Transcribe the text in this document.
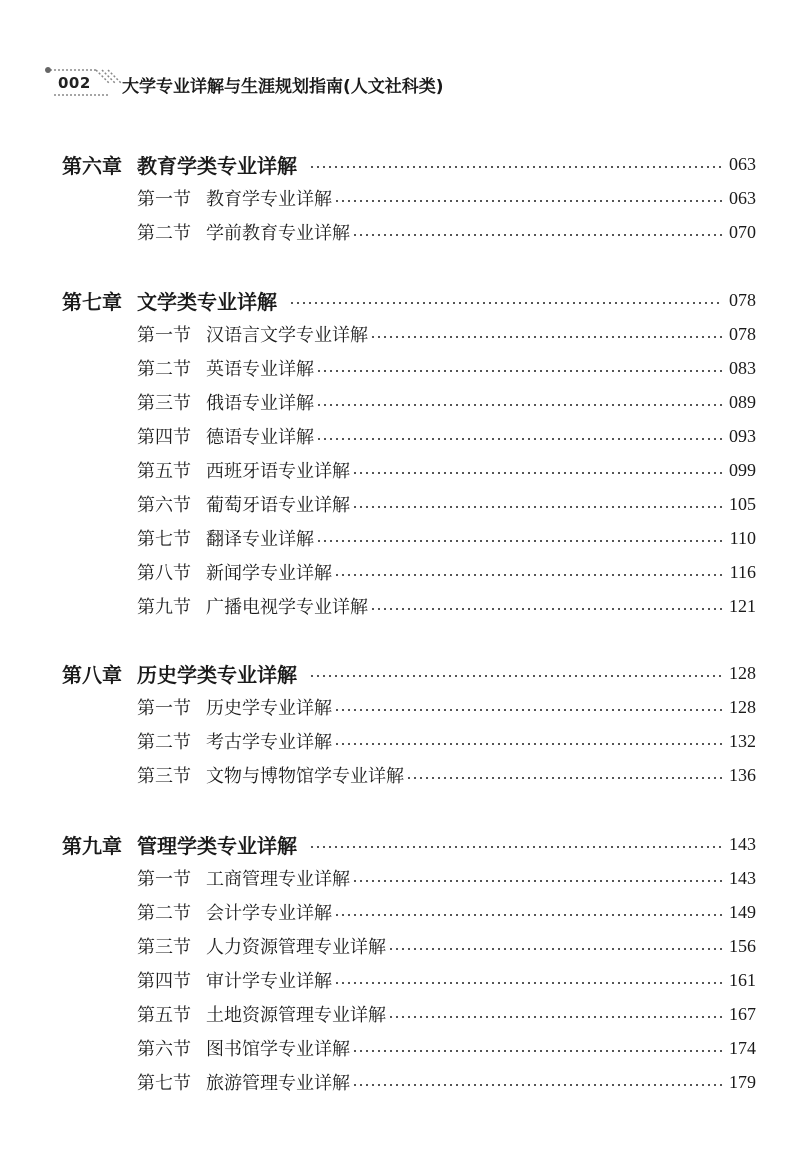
002 大学专业详解与生涯规划指南(人文社科类)
第六章 教育学类专业详解	063
第一节 教育学专业详解	063
第二节 学前教育专业详解	070
第七章 文学类专业详解	078
第一节 汉语言文学专业详解	078
第二节 英语专业详解	083
第三节 俄语专业详解	089
第四节 德语专业详解	093
第五节 西班牙语专业详解	099
第六节 葡萄牙语专业详解	105
第七节 翻译专业详解	110
第八节 新闻学专业详解	116
第九节 广播电视学专业详解	121
第八章 历史学类专业详解	128
第一节 历史学专业详解	128
第二节 考古学专业详解	132
第三节 文物与博物馆学专业详解	136
第九章 管理学类专业详解	143
第一节 工商管理专业详解	143
第二节 会计学专业详解	149
第三节 人力资源管理专业详解	156
第四节 审计学专业详解	161
第五节 土地资源管理专业详解	167
第六节 图书馆学专业详解	174
第七节 旅游管理专业详解	179
